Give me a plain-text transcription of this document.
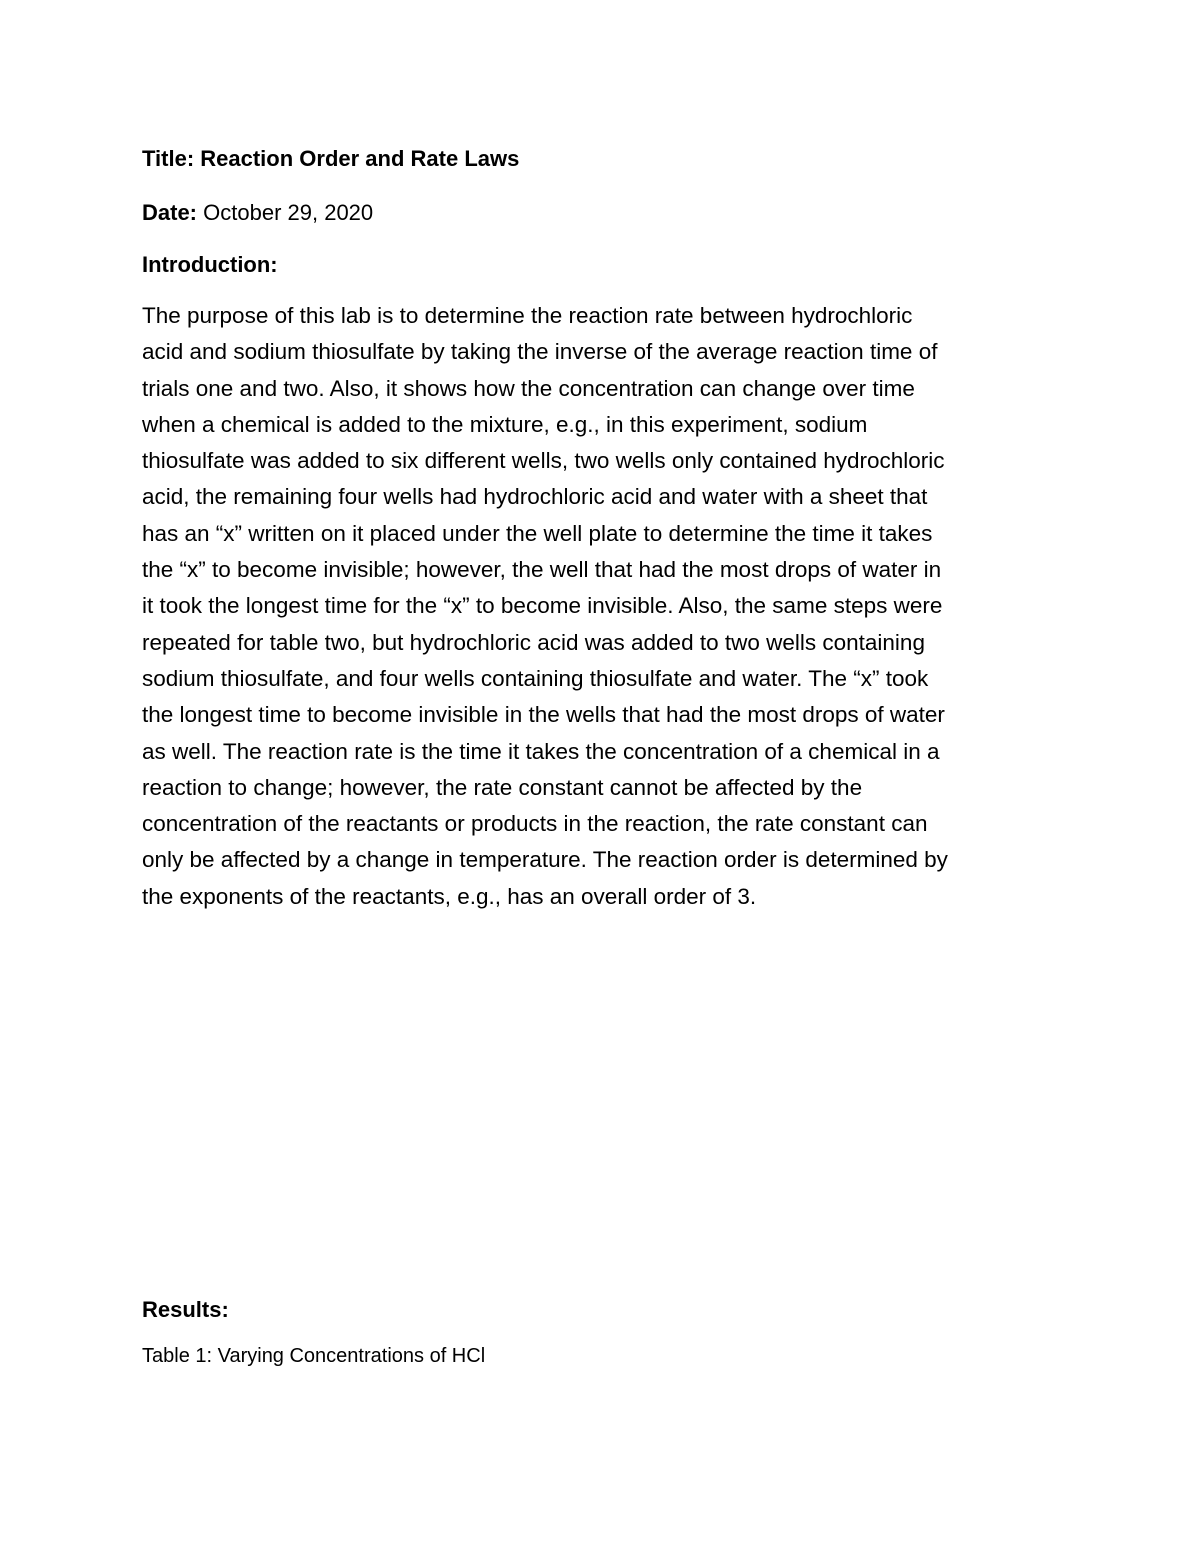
Title: Reaction Order and Rate Laws
Date: October 29, 2020
Introduction:
The purpose of this lab is to determine the reaction rate between hydrochloric
acid and sodium thiosulfate by taking the inverse of the average reaction time of
trials one and two. Also, it shows how the concentration can change over time
when a chemical is added to the mixture, e.g., in this experiment, sodium
thiosulfate was added to six different wells, two wells only contained hydrochloric
acid, the remaining four wells had hydrochloric acid and water with a sheet that
has an “x” written on it placed under the well plate to determine the time it takes
the “x” to become invisible; however, the well that had the most drops of water in
it took the longest time for the “x” to become invisible. Also, the same steps were
repeated for table two, but hydrochloric acid was added to two wells containing
sodium thiosulfate, and four wells containing thiosulfate and water. The “x” took
the longest time to become invisible in the wells that had the most drops of water
as well. The reaction rate is the time it takes the concentration of a chemical in a
reaction to change; however, the rate constant cannot be affected by the
concentration of the reactants or products in the reaction, the rate constant can
only be affected by a change in temperature. The reaction order is determined by
the exponents of the reactants, e.g., has an overall order of 3.
Results:
Table 1: Varying Concentrations of HCl
